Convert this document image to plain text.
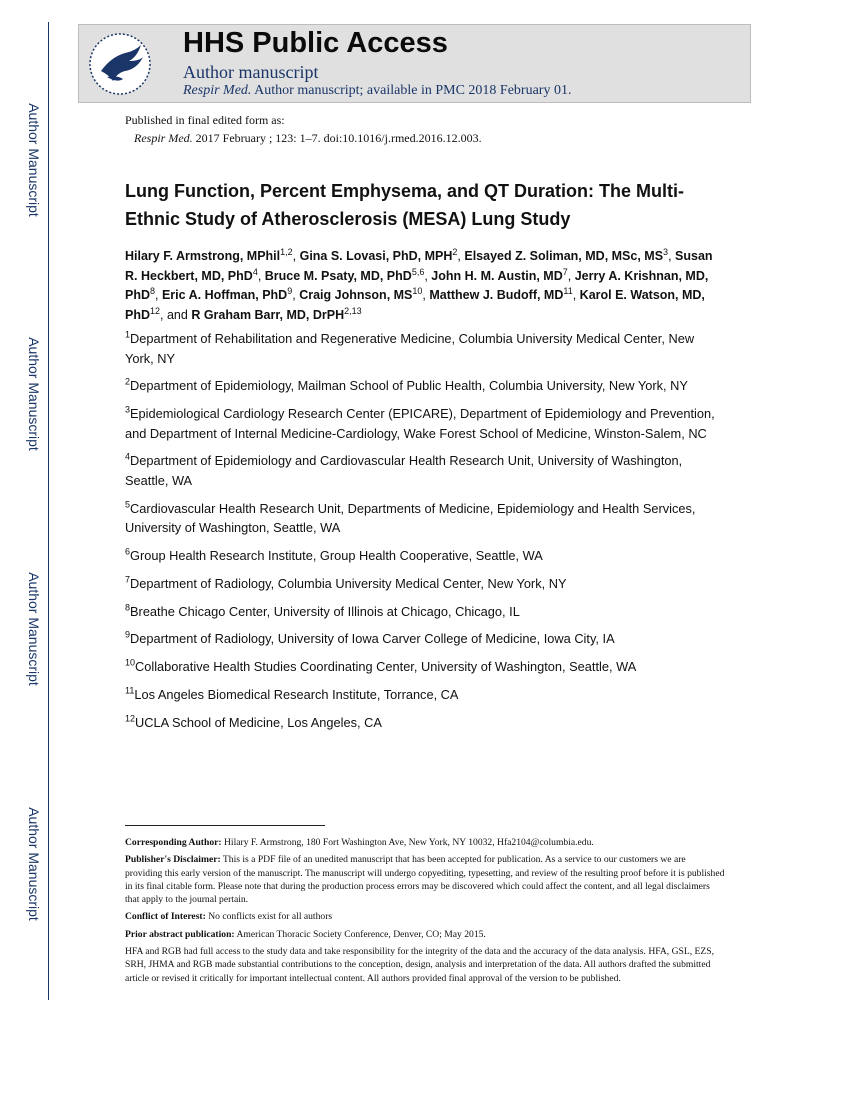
Author Manuscript
Author Manuscript
Author Manuscript
Author Manuscript
HHS Public Access
Author manuscript
Respir Med. Author manuscript; available in PMC 2018 February 01.
Published in final edited form as:
Respir Med. 2017 February ; 123: 1–7. doi:10.1016/j.rmed.2016.12.003.
Lung Function, Percent Emphysema, and QT Duration: The Multi-Ethnic Study of Atherosclerosis (MESA) Lung Study
Hilary F. Armstrong, MPhil$^{1,2}$, Gina S. Lovasi, PhD, MPH$^2$, Elsayed Z. Soliman, MD, MSc, $MS^3$, Susan R. Heckbert, MD, PhD$^4$, Bruce M. Psaty, MD, PhD$^{5,6}$, John H. M. Austin, $MD^7$, Jerry A. Krishnan, MD, PhD$^8$, Eric A. Hoffman, PhD$^9$, Craig Johnson, MS$^{10}$, Matthew J. Budoff, MD$^{11}$, Karol E. Watson, MD, PhD$^{12}$, and R Graham Barr, MD, DrPH$^{2,13}$
$^1$Department of Rehabilitation and Regenerative Medicine, Columbia University Medical Center, New York, NY
$^2$Department of Epidemiology, Mailman School of Public Health, Columbia University, New York, NY
$^3$Epidemiological Cardiology Research Center (EPICARE), Department of Epidemiology and Prevention, and Department of Internal Medicine-Cardiology, Wake Forest School of Medicine, Winston-Salem, NC
$^4$Department of Epidemiology and Cardiovascular Health Research Unit, University of Washington, Seattle, WA
$^5$Cardiovascular Health Research Unit, Departments of Medicine, Epidemiology and Health Services, University of Washington, Seattle, WA
$^6$Group Health Research Institute, Group Health Cooperative, Seattle, WA
$^7$Department of Radiology, Columbia University Medical Center, New York, NY
$^8$Breathe Chicago Center, University of Illinois at Chicago, Chicago, IL
$^9$Department of Radiology, University of Iowa Carver College of Medicine, Iowa City, IA
$^{10}$Collaborative Health Studies Coordinating Center, University of Washington, Seattle, WA
$^{11}$Los Angeles Biomedical Research Institute, Torrance, CA
$^{12}$UCLA School of Medicine, Los Angeles, CA

Corresponding Author: Hilary F. Armstrong, 180 Fort Washington Ave, New York, NY 10032, Hfa2104@columbia.edu.

Publisher's Disclaimer: This is a PDF file of an unedited manuscript that has been accepted for publication. As a service to our customers we are providing this early version of the manuscript. The manuscript will undergo copyediting, typesetting, and review of the resulting proof before it is published in its final citable form. Please note that during the production process errors may be discovered which could affect the content, and all legal disclaimers that apply to the journal pertain.

Conflict of Interest: No conflicts exist for all authors

Prior abstract publication: American Thoracic Society Conference, Denver, CO; May 2015.

HFA and RGB had full access to the study data and take responsibility for the integrity of the data and the accuracy of the data analysis. HFA, GSL, EZS, SRH, JHMA and RGB made substantial contributions to the conception, design, analysis and interpretation of the data. All authors drafted the submitted article or revised it critically for important intellectual content. All authors provided final approval of the version to be published.
